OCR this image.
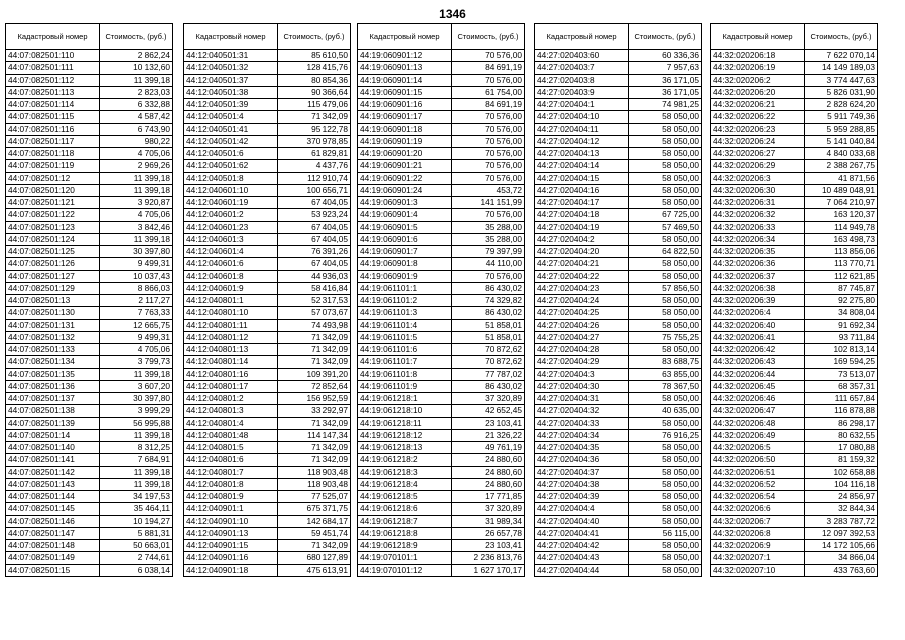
1346
Кадастровый номер	Стоимость, (руб.)
44:07:082501:110	2 862,24
44:07:082501:111	10 132,60
44:07:082501:112	11 399,18
44:07:082501:113	2 823,03
44:07:082501:114	6 332,88
44:07:082501:115	4 587,42
44:07:082501:116	6 743,90
44:07:082501:117	980,22
44:07:082501:118	4 705,06
44:07:082501:119	2 969,26
44:07:082501:12	11 399,18
44:07:082501:120	11 399,18
44:07:082501:121	3 920,87
44:07:082501:122	4 705,06
44:07:082501:123	3 842,46
44:07:082501:124	11 399,18
44:07:082501:125	30 397,80
44:07:082501:126	9 499,31
44:07:082501:127	10 037,43
44:07:082501:129	8 866,03
44:07:082501:13	2 117,27
44:07:082501:130	7 763,33
44:07:082501:131	12 665,75
44:07:082501:132	9 499,31
44:07:082501:133	4 705,06
44:07:082501:134	3 799,73
44:07:082501:135	11 399,18
44:07:082501:136	3 607,20
44:07:082501:137	30 397,80
44:07:082501:138	3 999,29
44:07:082501:139	56 995,88
44:07:082501:14	11 399,18
44:07:082501:140	8 312,25
44:07:082501:141	7 684,91
44:07:082501:142	11 399,18
44:07:082501:143	11 399,18
44:07:082501:144	34 197,53
44:07:082501:145	35 464,11
44:07:082501:146	10 194,27
44:07:082501:147	5 881,31
44:07:082501:148	50 663,01
44:07:082501:149	2 744,61
44:07:082501:15	6 038,14
Кадастровый номер	Стоимость, (руб.)
44:12:040501:31	85 610,50
44:12:040501:32	128 415,76
44:12:040501:37	80 854,36
44:12:040501:38	90 366,64
44:12:040501:39	115 479,06
44:12:040501:4	71 342,09
44:12:040501:41	95 122,78
44:12:040501:42	370 978,85
44:12:040501:6	61 829,81
44:12:040501:62	4 437,76
44:12:040501:8	112 910,74
44:12:040601:10	100 656,71
44:12:040601:19	67 404,05
44:12:040601:2	53 923,24
44:12:040601:23	67 404,05
44:12:040601:3	67 404,05
44:12:040601:4	76 391,26
44:12:040601:6	67 404,05
44:12:040601:8	44 936,03
44:12:040601:9	58 416,84
44:12:040801:1	52 317,53
44:12:040801:10	57 073,67
44:12:040801:11	74 493,98
44:12:040801:12	71 342,09
44:12:040801:13	71 342,09
44:12:040801:14	71 342,09
44:12:040801:16	109 391,20
44:12:040801:17	72 852,64
44:12:040801:2	156 952,59
44:12:040801:3	33 292,97
44:12:040801:4	71 342,09
44:12:040801:48	114 147,34
44:12:040801:5	71 342,09
44:12:040801:6	71 342,09
44:12:040801:7	118 903,48
44:12:040801:8	118 903,48
44:12:040801:9	77 525,07
44:12:040901:1	675 371,75
44:12:040901:10	142 684,17
44:12:040901:13	59 451,74
44:12:040901:15	71 342,09
44:12:040901:16	680 127,89
44:12:040901:18	475 613,91
Кадастровый номер	Стоимость, (руб.)
44:19:060901:12	70 576,00
44:19:060901:13	84 691,19
44:19:060901:14	70 576,00
44:19:060901:15	61 754,00
44:19:060901:16	84 691,19
44:19:060901:17	70 576,00
44:19:060901:18	70 576,00
44:19:060901:19	70 576,00
44:19:060901:20	70 576,00
44:19:060901:21	70 576,00
44:19:060901:22	70 576,00
44:19:060901:24	453,72
44:19:060901:3	141 151,99
44:19:060901:4	70 576,00
44:19:060901:5	35 288,00
44:19:060901:6	35 288,00
44:19:060901:7	79 397,99
44:19:060901:8	44 110,00
44:19:060901:9	70 576,00
44:19:061101:1	86 430,02
44:19:061101:2	74 329,82
44:19:061101:3	86 430,02
44:19:061101:4	51 858,01
44:19:061101:5	51 858,01
44:19:061101:6	70 872,62
44:19:061101:7	70 872,62
44:19:061101:8	77 787,02
44:19:061101:9	86 430,02
44:19:061218:1	37 320,89
44:19:061218:10	42 652,45
44:19:061218:11	23 103,41
44:19:061218:12	21 326,22
44:19:061218:13	49 761,19
44:19:061218:2	24 880,60
44:19:061218:3	24 880,60
44:19:061218:4	24 880,60
44:19:061218:5	17 771,85
44:19:061218:6	37 320,89
44:19:061218:7	31 989,34
44:19:061218:8	26 657,78
44:19:061218:9	23 103,41
44:19:070101:1	2 236 813,76
44:19:070101:12	1 627 170,17
Кадастровый номер	Стоимость, (руб.)
44:27:020403:60	60 336,36
44:27:020403:7	7 957,63
44:27:020403:8	36 171,05
44:27:020403:9	36 171,05
44:27:020404:1	74 981,25
44:27:020404:10	58 050,00
44:27:020404:11	58 050,00
44:27:020404:12	58 050,00
44:27:020404:13	58 050,00
44:27:020404:14	58 050,00
44:27:020404:15	58 050,00
44:27:020404:16	58 050,00
44:27:020404:17	58 050,00
44:27:020404:18	67 725,00
44:27:020404:19	57 469,50
44:27:020404:2	58 050,00
44:27:020404:20	64 822,50
44:27:020404:21	58 050,00
44:27:020404:22	58 050,00
44:27:020404:23	57 856,50
44:27:020404:24	58 050,00
44:27:020404:25	58 050,00
44:27:020404:26	58 050,00
44:27:020404:27	75 755,25
44:27:020404:28	58 050,00
44:27:020404:29	83 688,75
44:27:020404:3	63 855,00
44:27:020404:30	78 367,50
44:27:020404:31	58 050,00
44:27:020404:32	40 635,00
44:27:020404:33	58 050,00
44:27:020404:34	76 916,25
44:27:020404:35	58 050,00
44:27:020404:36	58 050,00
44:27:020404:37	58 050,00
44:27:020404:38	58 050,00
44:27:020404:39	58 050,00
44:27:020404:4	58 050,00
44:27:020404:40	58 050,00
44:27:020404:41	56 115,00
44:27:020404:42	58 050,00
44:27:020404:43	58 050,00
44:27:020404:44	58 050,00
Кадастровый номер	Стоимость, (руб.)
44:32:020206:18	7 622 070,14
44:32:020206:19	14 149 189,03
44:32:020206:2	3 774 447,63
44:32:020206:20	5 826 031,90
44:32:020206:21	2 828 624,20
44:32:020206:22	5 911 749,36
44:32:020206:23	5 959 288,85
44:32:020206:24	5 141 040,84
44:32:020206:27	4 840 033,68
44:32:020206:29	2 388 267,75
44:32:020206:3	41 871,56
44:32:020206:30	10 489 048,91
44:32:020206:31	7 064 210,97
44:32:020206:32	163 120,37
44:32:020206:33	114 949,78
44:32:020206:34	163 498,73
44:32:020206:35	113 856,06
44:32:020206:36	113 770,71
44:32:020206:37	112 621,85
44:32:020206:38	87 745,87
44:32:020206:39	92 275,80
44:32:020206:4	34 808,04
44:32:020206:40	91 692,34
44:32:020206:41	93 711,84
44:32:020206:42	102 813,14
44:32:020206:43	169 594,25
44:32:020206:44	73 513,07
44:32:020206:45	68 357,31
44:32:020206:46	111 657,84
44:32:020206:47	116 878,88
44:32:020206:48	86 298,17
44:32:020206:49	80 632,55
44:32:020206:5	17 080,88
44:32:020206:50	81 159,32
44:32:020206:51	102 658,88
44:32:020206:52	104 116,18
44:32:020206:54	24 856,97
44:32:020206:6	32 844,34
44:32:020206:7	3 283 787,72
44:32:020206:8	12 097 392,53
44:32:020206:9	14 172 105,66
44:32:020207:1	34 866,04
44:32:020207:10	433 763,60
